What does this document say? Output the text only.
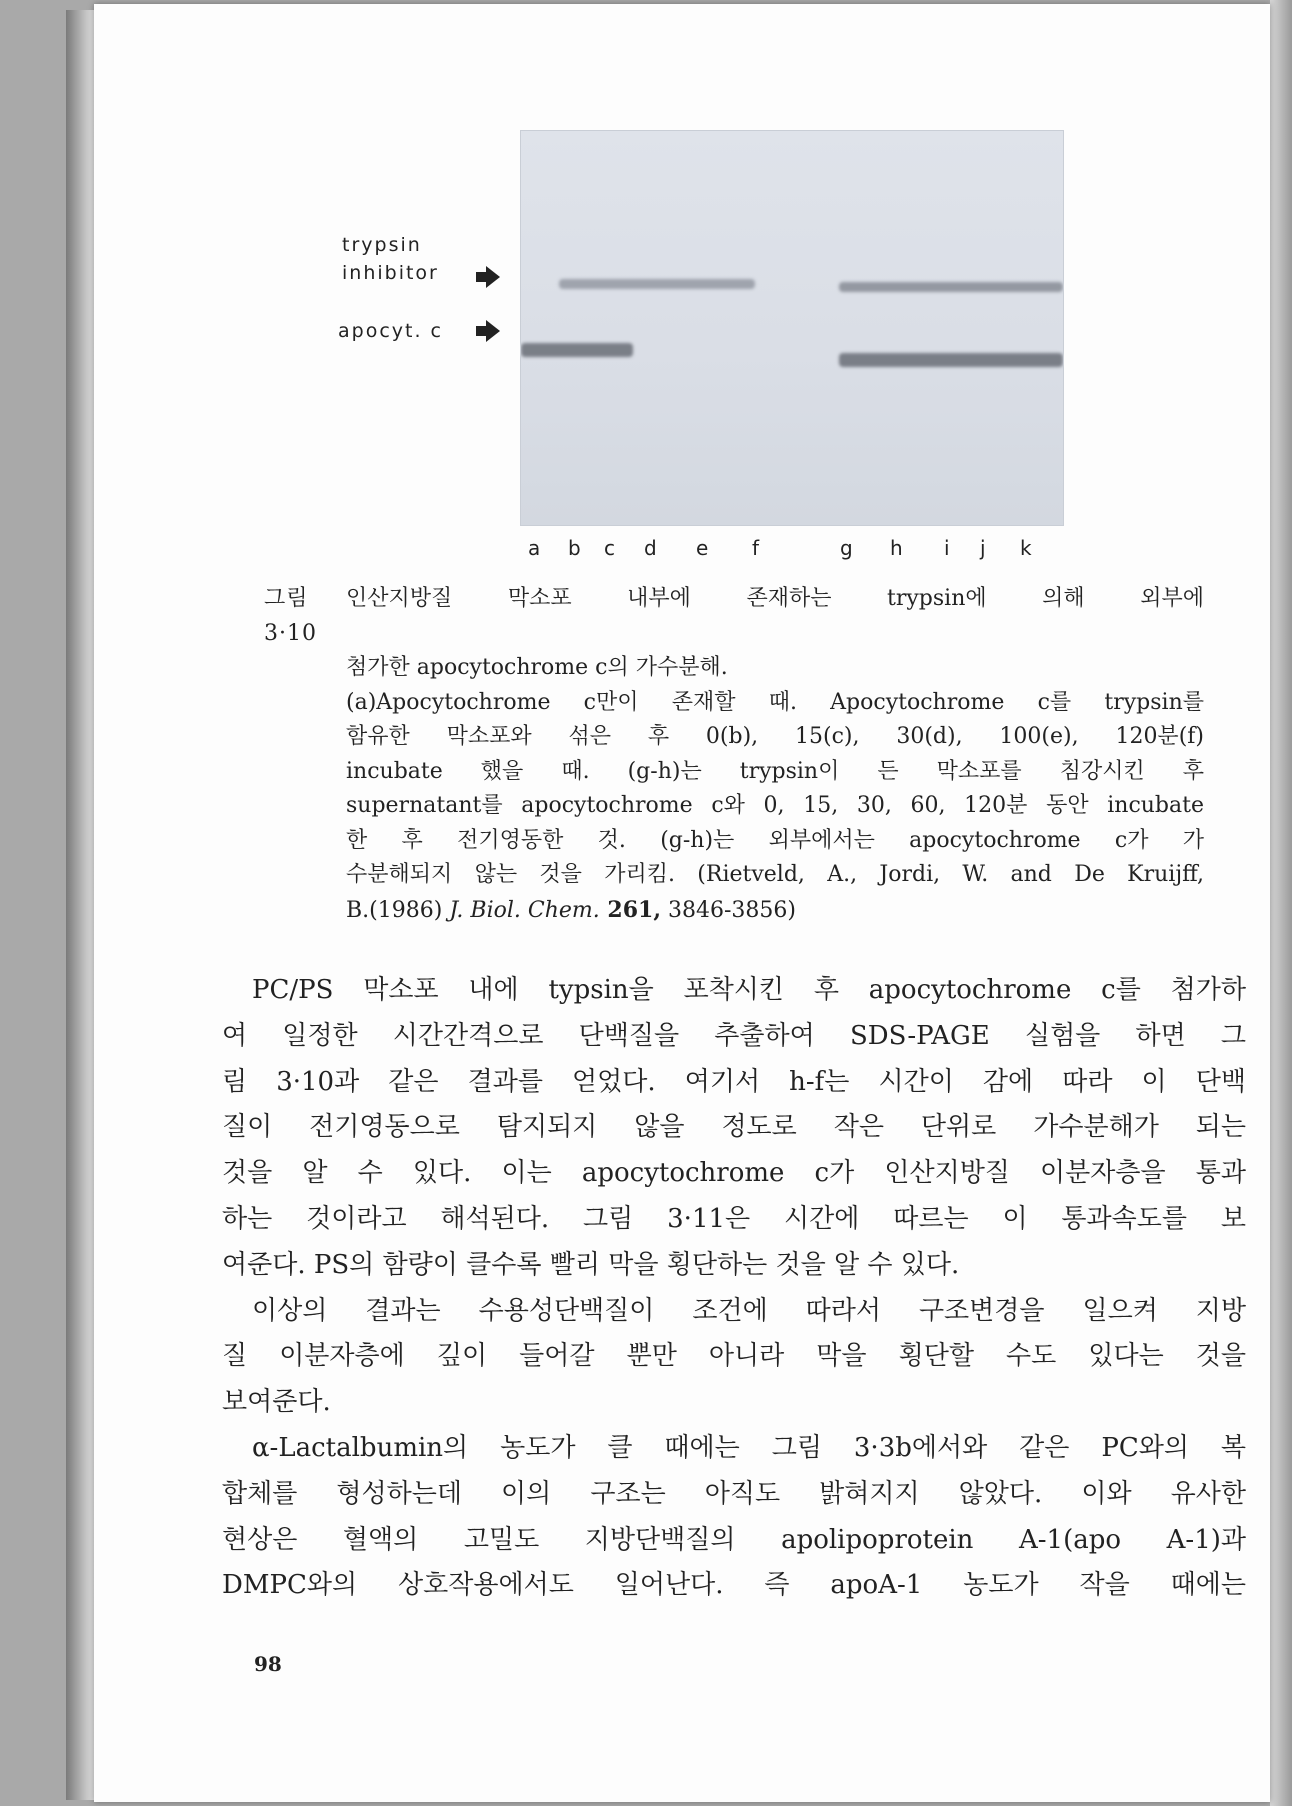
trypsin
inhibitor
apocyt. c
a b c d e f	g h i j k
그림 3·10
인산지방질 막소포 내부에 존재하는 trypsin에 의해 외부에
첨가한 apocytochrome c의 가수분해.
(a)Apocytochrome c만이 존재할 때. Apocytochrome c를 trypsin를
함유한 막소포와 섞은 후 0(b), 15(c), 30(d), 100(e), 120분(f)
incubate 했을 때. (g-h)는 trypsin이 든 막소포를 침강시킨 후
supernatant를 apocytochrome c와 0, 15, 30, 60, 120분 동안 incubate
한 후 전기영동한 것. (g-h)는 외부에서는 apocytochrome c가 가
수분해되지 않는 것을 가리킴. (Rietveld, A., Jordi, W. and De Kruijff,
B.(1986) J. Biol. Chem. 261, 3846-3856)
PC/PS 막소포 내에 typsin을 포착시킨 후 apocytochrome c를 첨가하
여 일정한 시간간격으로 단백질을 추출하여 SDS-PAGE 실험을 하면 그
림 3·10과 같은 결과를 얻었다. 여기서 h-f는 시간이 감에 따라 이 단백
질이 전기영동으로 탐지되지 않을 정도로 작은 단위로 가수분해가 되는
것을 알 수 있다. 이는 apocytochrome c가 인산지방질 이분자층을 통과
하는 것이라고 해석된다. 그림 3·11은 시간에 따르는 이 통과속도를 보
여준다. PS의 함량이 클수록 빨리 막을 횡단하는 것을 알 수 있다.
이상의 결과는 수용성단백질이 조건에 따라서 구조변경을 일으켜 지방
질 이분자층에 깊이 들어갈 뿐만 아니라 막을 횡단할 수도 있다는 것을
보여준다.
α-Lactalbumin의 농도가 클 때에는 그림 3·3b에서와 같은 PC와의 복
합체를 형성하는데 이의 구조는 아직도 밝혀지지 않았다. 이와 유사한
현상은 혈액의 고밀도 지방단백질의 apolipoprotein A-1(apo A-1)과
DMPC와의 상호작용에서도 일어난다. 즉 apoA-1 농도가 작을 때에는
98
